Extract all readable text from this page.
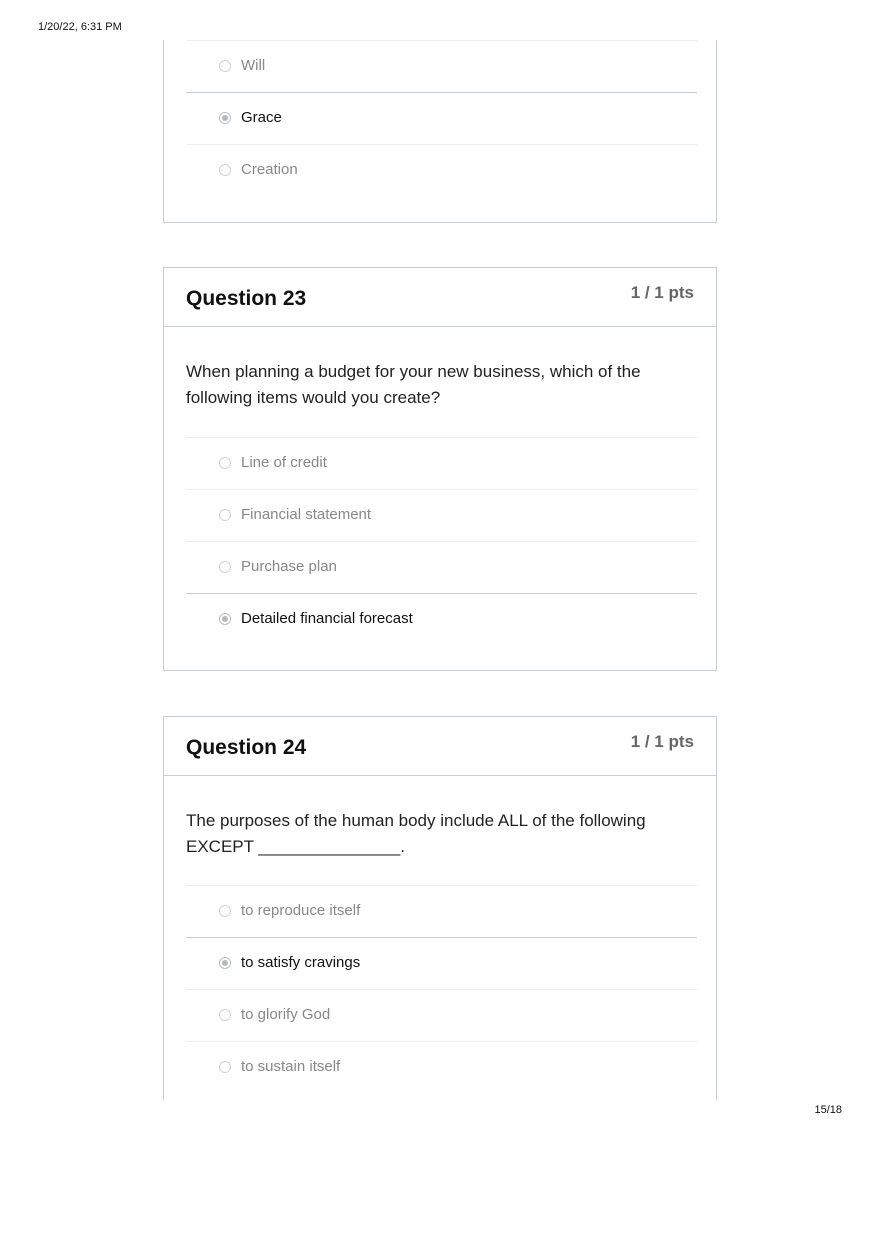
1/20/22, 6:31 PM
Will
Grace
Creation
Question 23	1 / 1 pts
When planning a budget for your new business, which of the following items would you create?
Line of credit
Financial statement
Purchase plan
Detailed financial forecast
Question 24	1 / 1 pts
The purposes of the human body include ALL of the following EXCEPT _______________.
to reproduce itself
to satisfy cravings
to glorify God
to sustain itself
15/18
